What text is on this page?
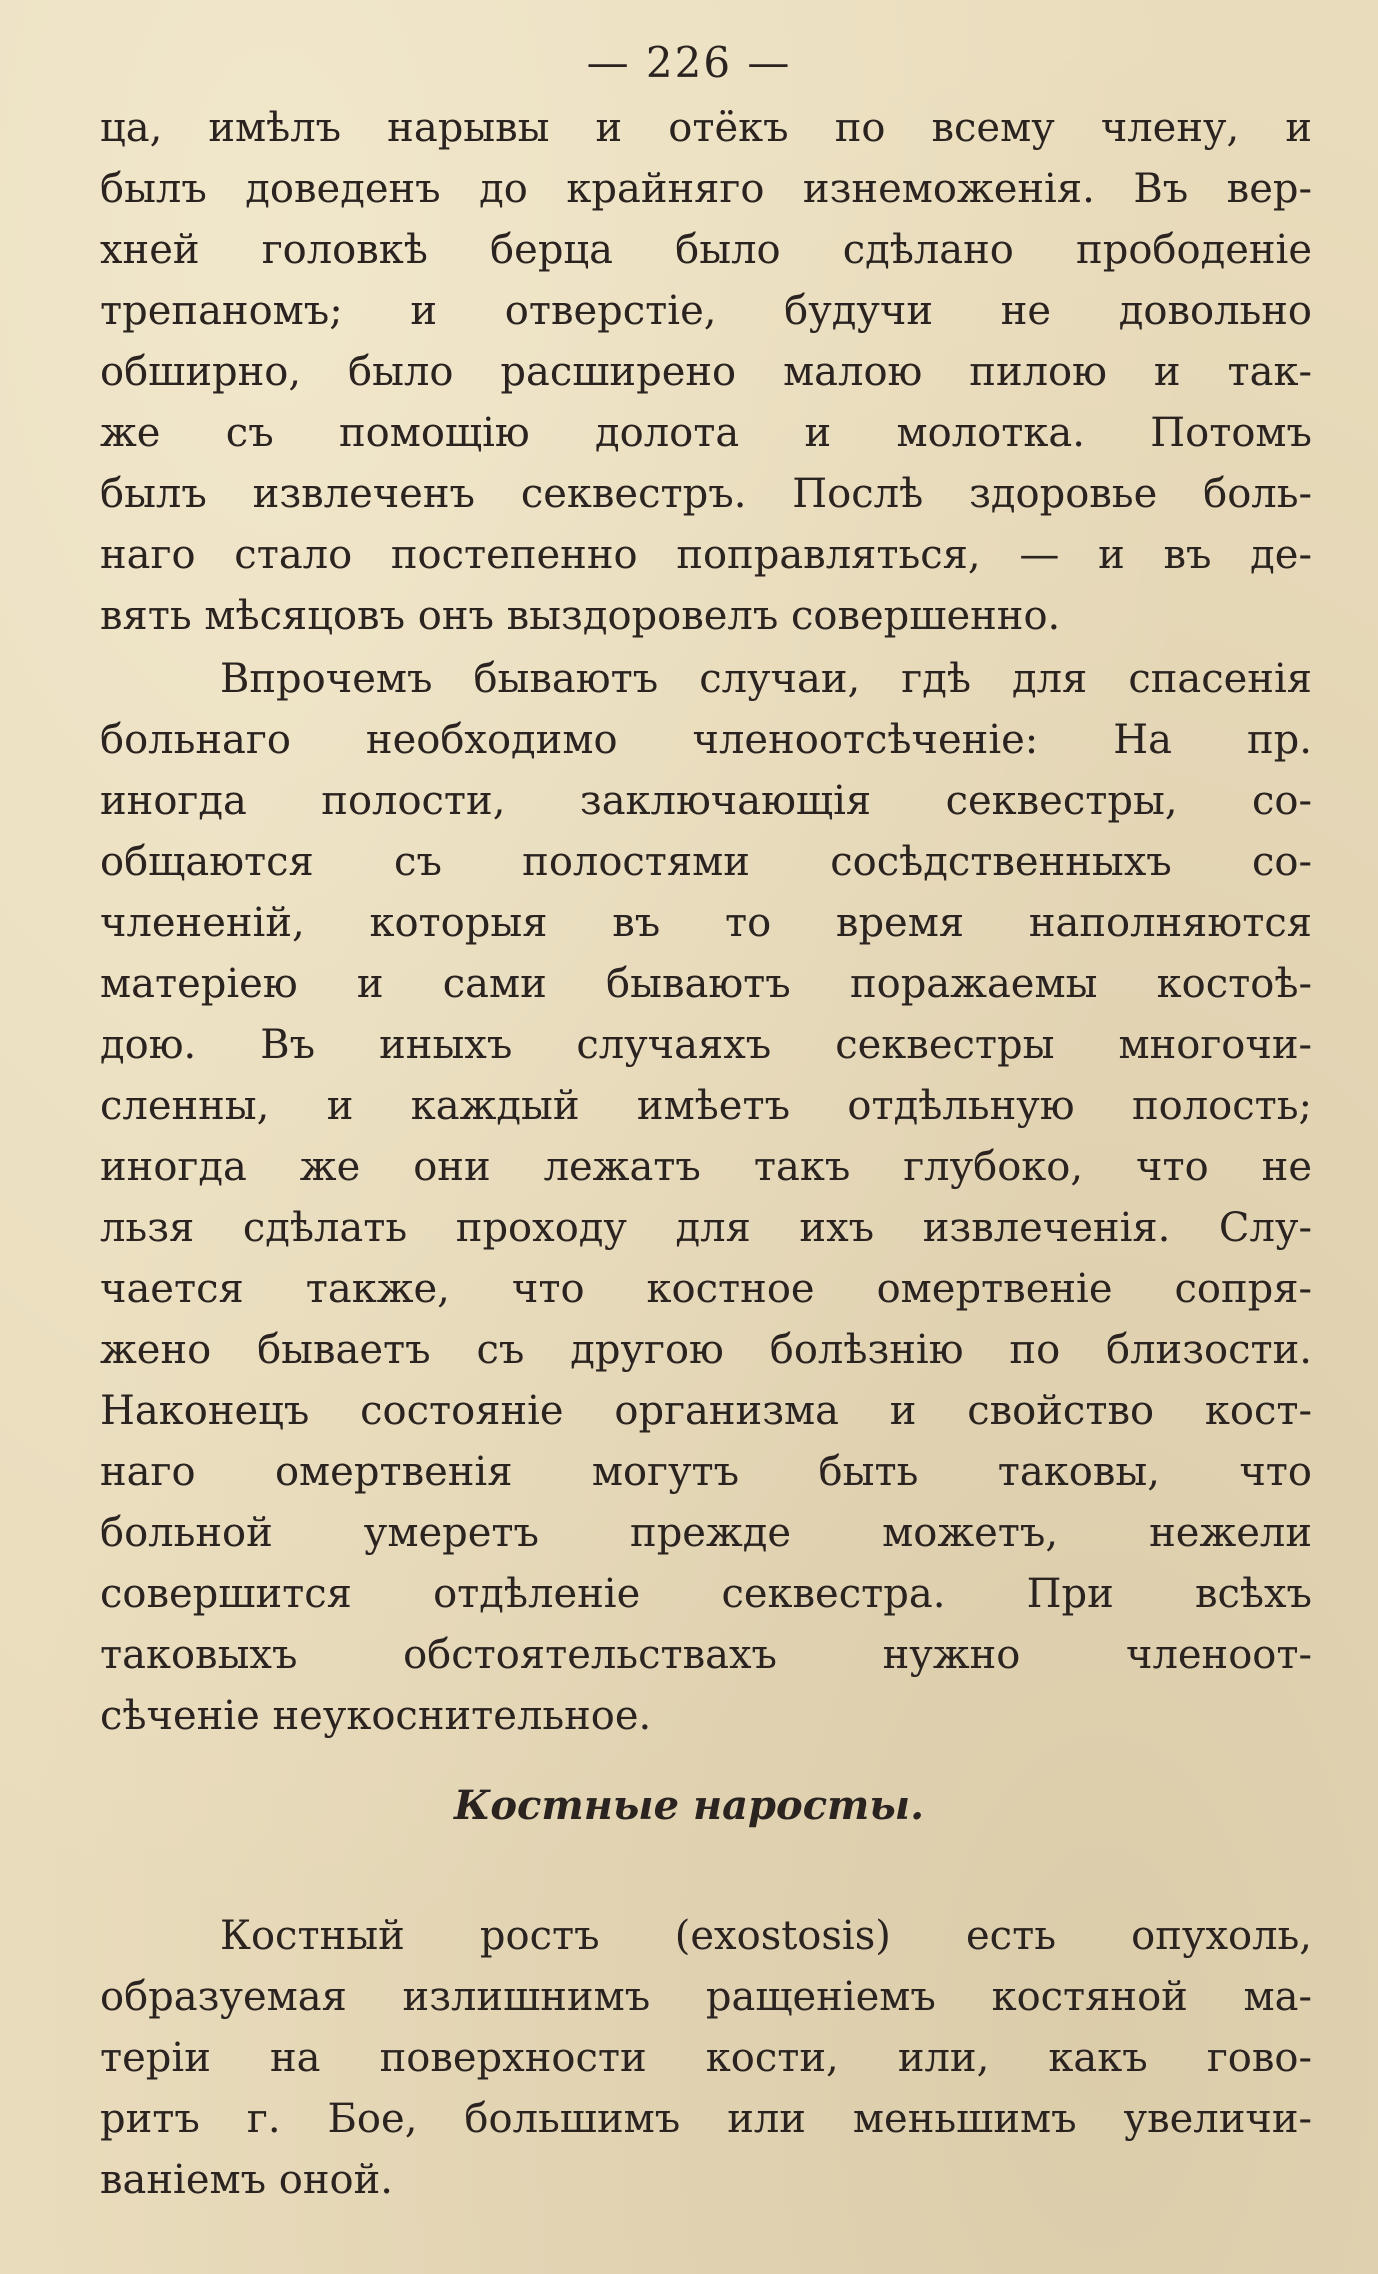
— 226 —
ца, имѣлъ нарывы и отёкъ по всему члену, и
былъ доведенъ до крайняго изнеможенія. Въ вер-
хней головкѣ берца было сдѣлано прободеніе
трепаномъ; и отверстіе, будучи не довольно
обширно, было расширено малою пилою и так-
же съ помощію долота и молотка. Потомъ
былъ извлеченъ секвестръ. Послѣ здоровье боль-
наго стало постепенно поправляться, — и въ де-
вять мѣсяцовъ онъ выздоровелъ совершенно.
Впрочемъ бываютъ случаи, гдѣ для спасенія
больнаго необходимо членоотсѣченіе: На пр.
иногда полости, заключающія секвестры, со-
общаются съ полостями сосѣдственныхъ со-
члененій, которыя въ то время наполняются
матеріею и сами бываютъ поражаемы костоѣ-
дою. Въ иныхъ случаяхъ секвестры многочи-
сленны, и каждый имѣетъ отдѣльную полость;
иногда же они лежатъ такъ глубоко, что не
льзя сдѣлать проходу для ихъ извлеченія. Слу-
чается также, что костное омертвеніе сопря-
жено бываетъ съ другою болѣзнію по близости.
Наконецъ состояніе организма и свойство кост-
наго омертвенія могутъ быть таковы, что
больной умеретъ прежде можетъ, нежели
совершится отдѣленіе секвестра. При всѣхъ
таковыхъ обстоятельствахъ нужно членоот-
сѣченіе неукоснительное.
Костные наросты.
Костный ростъ (exostosis) есть опухоль,
образуемая излишнимъ ращеніемъ костяной ма-
теріи на поверхности кости, или, какъ гово-
ритъ г. Бое, большимъ или меньшимъ увеличи-
ваніемъ оной.
